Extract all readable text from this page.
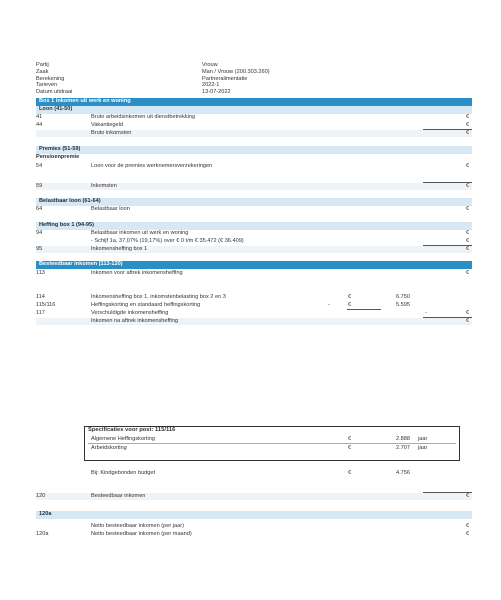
Partij	Vrouw
Zaak	Man / Vrouw (200.303.260)
Berekening	Partneralimentatie
Tarieven	2022-1
Datum uitdraai	13-07-2022
Box 1 inkomen uit werk en woning
Loon (41-50)
41	Bruto arbeidsinkomen uit dienstbetrekking	€
44	Vakantiegeld	€
Bruto inkomsten	€
Premies (51-59)
Pensioenpremie
54	Loon voor de premies werknemersverzekeringen	€
59	Inkomsten	€
Belastbaar loon (61-64)
64	Belastbaar loon	€
Heffing box 1 (94-95)
94	Belastbaar inkomen uit werk en woning	€
- Schijf 1a, 37,07% (19,17%) over € 0 t/m € 35.472 (€ 36.409)	€
95	Inkomensheffing box 1	€
Besteedbaar inkomen (113-120)
113	Inkomen voor aftrek inkomensheffing	€
114	Inkomensheffing box 1, inkomstenbelasting box 2 en 3	€	6.750
115/116	Heffingskorting en standaard heffingskorting	-	€	5.595
117	Verschuldigde inkomensheffing	-	€
Inkomen na aftrek inkomensheffing	€
Specificaties voor post: 115/116
Algemene Heffingskorting	€	2.888 jaar
Arbeidskorting	€	2.707 jaar
Bij: Kindgebonden budget	€	4.756
120	Besteedbaar inkomen	€
120a
Netto besteedbaar inkomen (per jaar)	€
120a	Netto besteedbaar inkomen (per maand)	€
